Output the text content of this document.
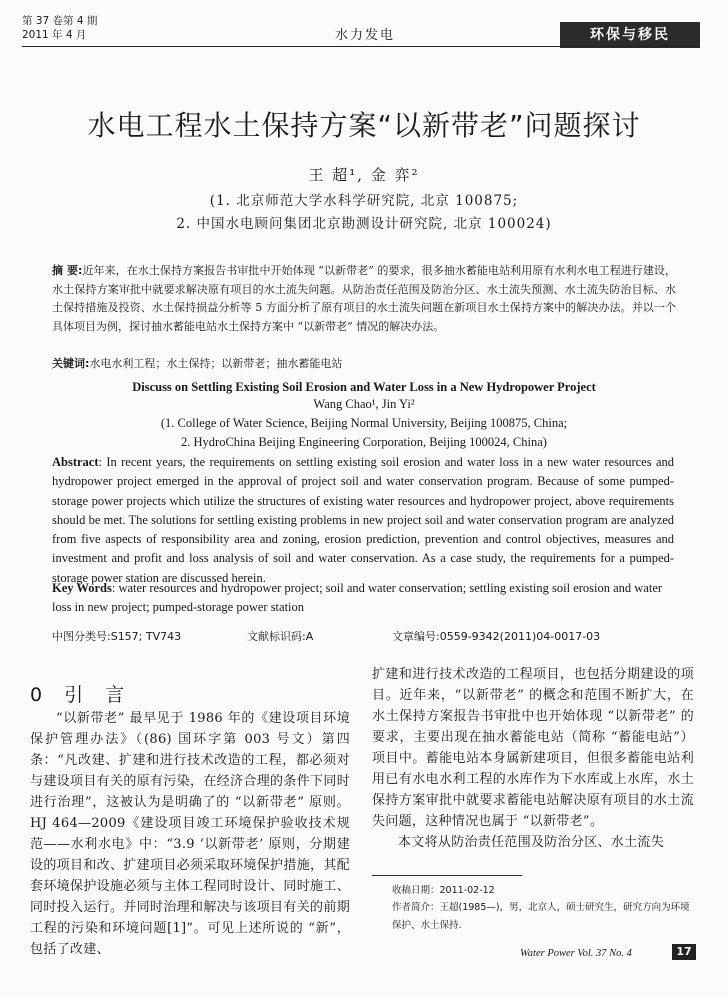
第 37 卷第 4 期
2011 年 4 月	水力发电	环保与移民
水电工程水土保持方案“以新带老”问题探讨
王 超¹, 金 弈²
(1. 北京师范大学水科学研究院, 北京 100875;
2. 中国水电顾问集团北京勘测设计研究院, 北京 100024)
摘 要:近年来，在水土保持方案报告书审批中开始体现 “以新带老” 的要求，很多抽水蓄能电站利用原有水利水电工程进行建设，水土保持方案审批中就要求解决原有项目的水土流失问题。从防治责任范围及防治分区、水土流失预测、水土流失防治目标、水土保持措施及投资、水土保持损益分析等 5 方面分析了原有项目的水土流失问题在新项目水土保持方案中的解决办法。并以一个具体项目为例，探讨抽水蓄能电站水土保持方案中 “以新带老” 情况的解决办法。
关键词:水电水利工程；水土保持；以新带老；抽水蓄能电站
Discuss on Settling Existing Soil Erosion and Water Loss in a New Hydropower Project
Wang Chao¹, Jin Yi²
(1. College of Water Science, Beijing Normal University, Beijing 100875, China;
2. HydroChina Beijing Engineering Corporation, Beijing 100024, China)
Abstract: In recent years, the requirements on settling existing soil erosion and water loss in a new water resources and hydropower project emerged in the approval of project soil and water conservation program. Because of some pumped-storage power projects which utilize the structures of existing water resources and hydropower project, above requirements should be met. The solutions for settling existing problems in new project soil and water conservation program are analyzed from five aspects of responsibility area and zoning, erosion prediction, prevention and control objectives, measures and investment and profit and loss analysis of soil and water conservation. As a case study, the requirements for a pumped-storage power station are discussed herein.
Key Words: water resources and hydropower project; soil and water conservation; settling existing soil erosion and water loss in new project; pumped-storage power station
中图分类号:S157; TV743	文献标识码:A	文章编号:0559-9342(2011)04-0017-03
0 引 言

“以新带老” 最早见于 1986 年的《建设项目环境保护管理办法》（(86) 国环字第 003 号文）第四条：“凡改建、扩建和进行技术改造的工程，都必须对与建设项目有关的原有污染，在经济合理的条件下同时进行治理”，这被认为是明确了的 “以新带老” 原则。HJ 464—2009《建设项目竣工环境保护验收技术规范——水利水电》中：“3.9 ‘以新带老’ 原则，分期建设的项目和改、扩建项目必须采取环境保护措施，其配套环境保护设施必须与主体工程同时设计、同时施工、同时投入运行。并同时治理和解决与该项目有关的前期工程的污染和环境问题[1]”。可见上述所说的 “新”，包括了改建、

扩建和进行技术改造的工程项目，也包括分期建设的项目。近年来，“以新带老” 的概念和范围不断扩大，在水土保持方案报告书审批中也开始体现 “以新带老” 的要求，主要出现在抽水蓄能电站（简称 “蓄能电站”）项目中。蓄能电站本身属新建项目，但很多蓄能电站利用已有水电水利工程的水库作为下水库或上水库，水土保持方案审批中就要求蓄能电站解决原有项目的水土流失问题，这种情况也属于 “以新带老”。

本文将从防治责任范围及防治分区、水土流失

收稿日期：2011-02-12
作者简介：王超(1985—)，男，北京人，硕士研究生，研究方向为环境保护、水土保持.
Water Power Vol. 37 No. 4	17
